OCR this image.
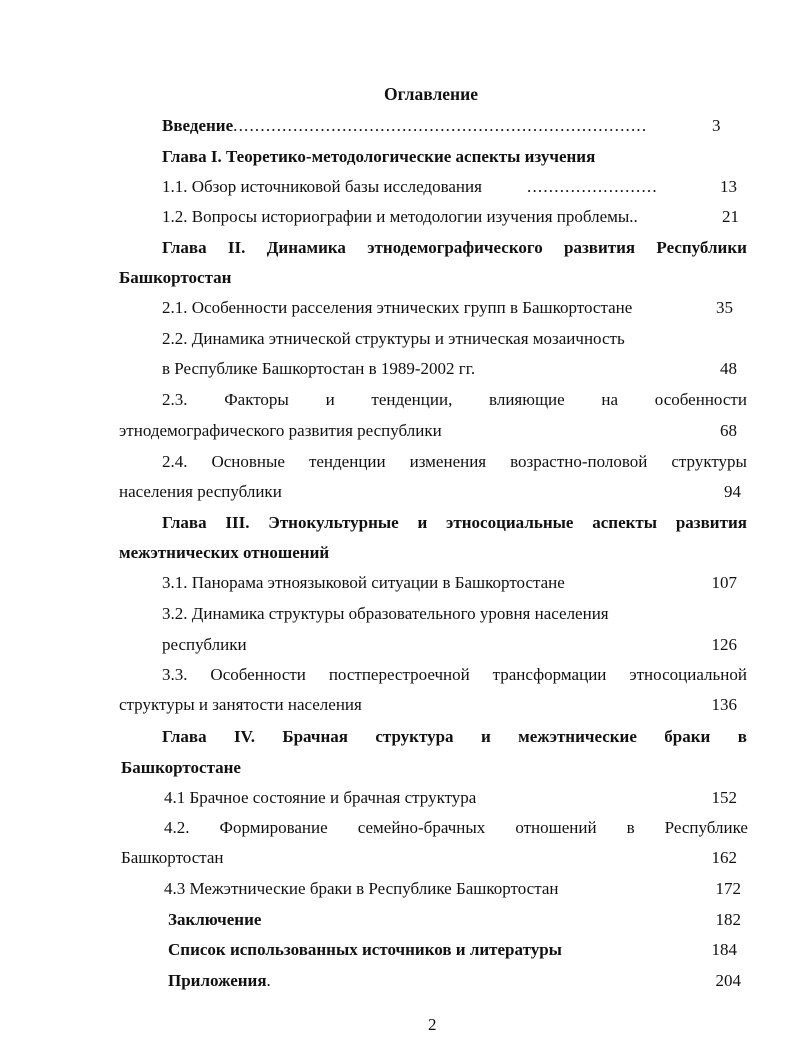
Оглавление
Введение............................................................................	3
Глава I. Теоретико-методологические аспекты изучения
1.1. Обзор источниковой базы исследования	........................	13
1.2. Вопросы историографии и методологии изучения проблемы..	21
Глава II. Динамика этнодемографического развития Республики
Башкортостан
2.1. Особенности расселения этнических групп в Башкортостане	35
2.2. Динамика этнической структуры и этническая мозаичность
в Республике Башкортостан в 1989-2002 гг.	48
2.3. Факторы и тенденции, влияющие на особенности
этнодемографического развития республики	68
2.4. Основные тенденции изменения возрастно-половой структуры
населения республики	94
Глава III. Этнокультурные и этносоциальные аспекты развития
межэтнических отношений
3.1. Панорама этноязыковой ситуации в Башкортостане	107
3.2. Динамика структуры образовательного уровня населения
республики	126
3.3. Особенности постперестроечной трансформации этносоциальной
структуры и занятости населения	136
Глава IV. Брачная структура и межэтнические браки в
Башкортостане
4.1 Брачное состояние и брачная структура	152
4.2. Формирование семейно-брачных отношений в Республике
Башкортостан	162
4.3 Межэтнические браки в Республике Башкортостан	172
Заключение	182
Список использованных источников и литературы	184
Приложения.	204
2
